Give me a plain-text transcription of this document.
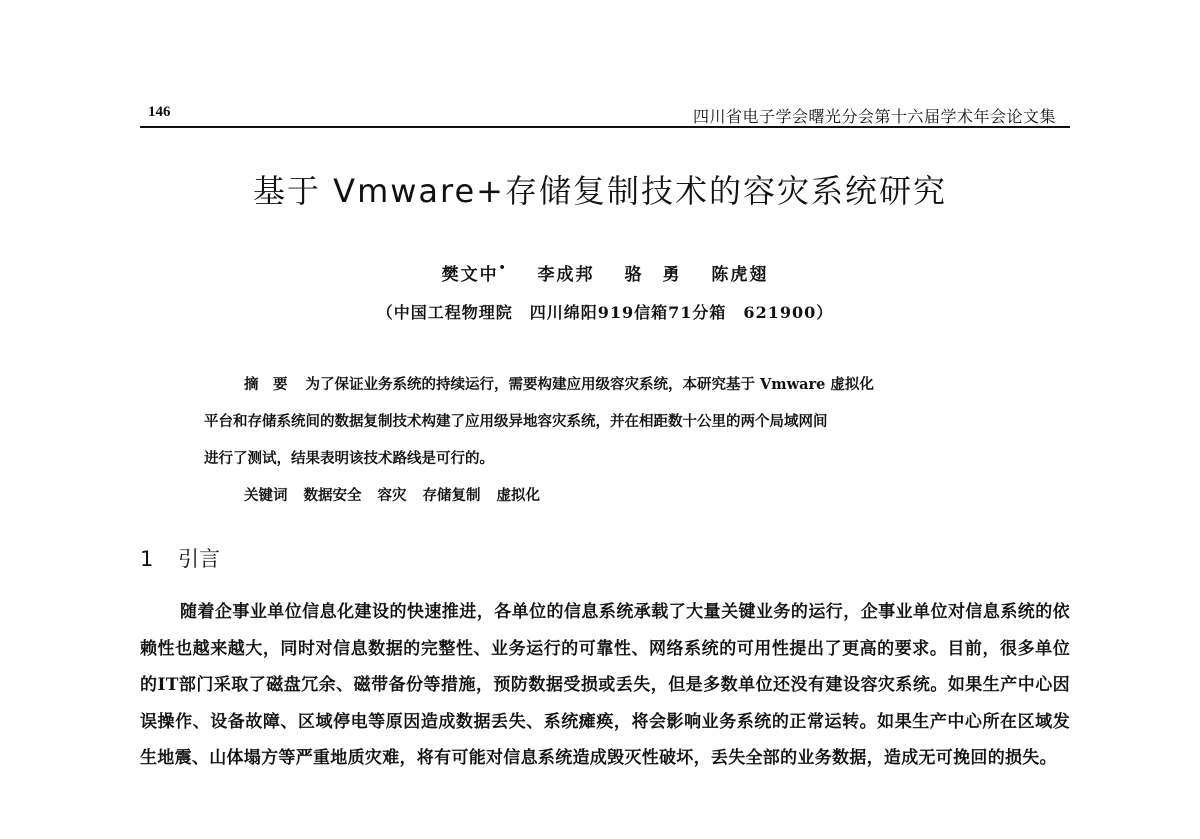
146	四川省电子学会曙光分会第十六届学术年会论文集
基于 Vmware+存储复制技术的容灾系统研究
樊文中• 李成邦 骆　勇 陈虎翅
（中国工程物理院　四川绵阳919信箱71分箱　621900）
摘　要 为了保证业务系统的持续运行，需要构建应用级容灾系统，本研究基于 Vmware 虚拟化
平台和存储系统间的数据复制技术构建了应用级异地容灾系统，并在相距数十公里的两个局域网间
进行了测试，结果表明该技术路线是可行的。
关键词 数据安全 容灾 存储复制 虚拟化
1 引言
随着企事业单位信息化建设的快速推进，各单位的信息系统承载了大量关键业务的运行，企事业单位对信息系统的依赖性也越来越大，同时对信息数据的完整性、业务运行的可靠性、网络系统的可用性提出了更高的要求。目前，很多单位的IT部门采取了磁盘冗余、磁带备份等措施，预防数据受损或丢失，但是多数单位还没有建设容灾系统。如果生产中心因误操作、设备故障、区域停电等原因造成数据丢失、系统瘫痪，将会影响业务系统的正常运转。如果生产中心所在区域发生地震、山体塌方等严重地质灾难，将有可能对信息系统造成毁灭性破坏，丢失全部的业务数据，造成无可挽回的损失。
